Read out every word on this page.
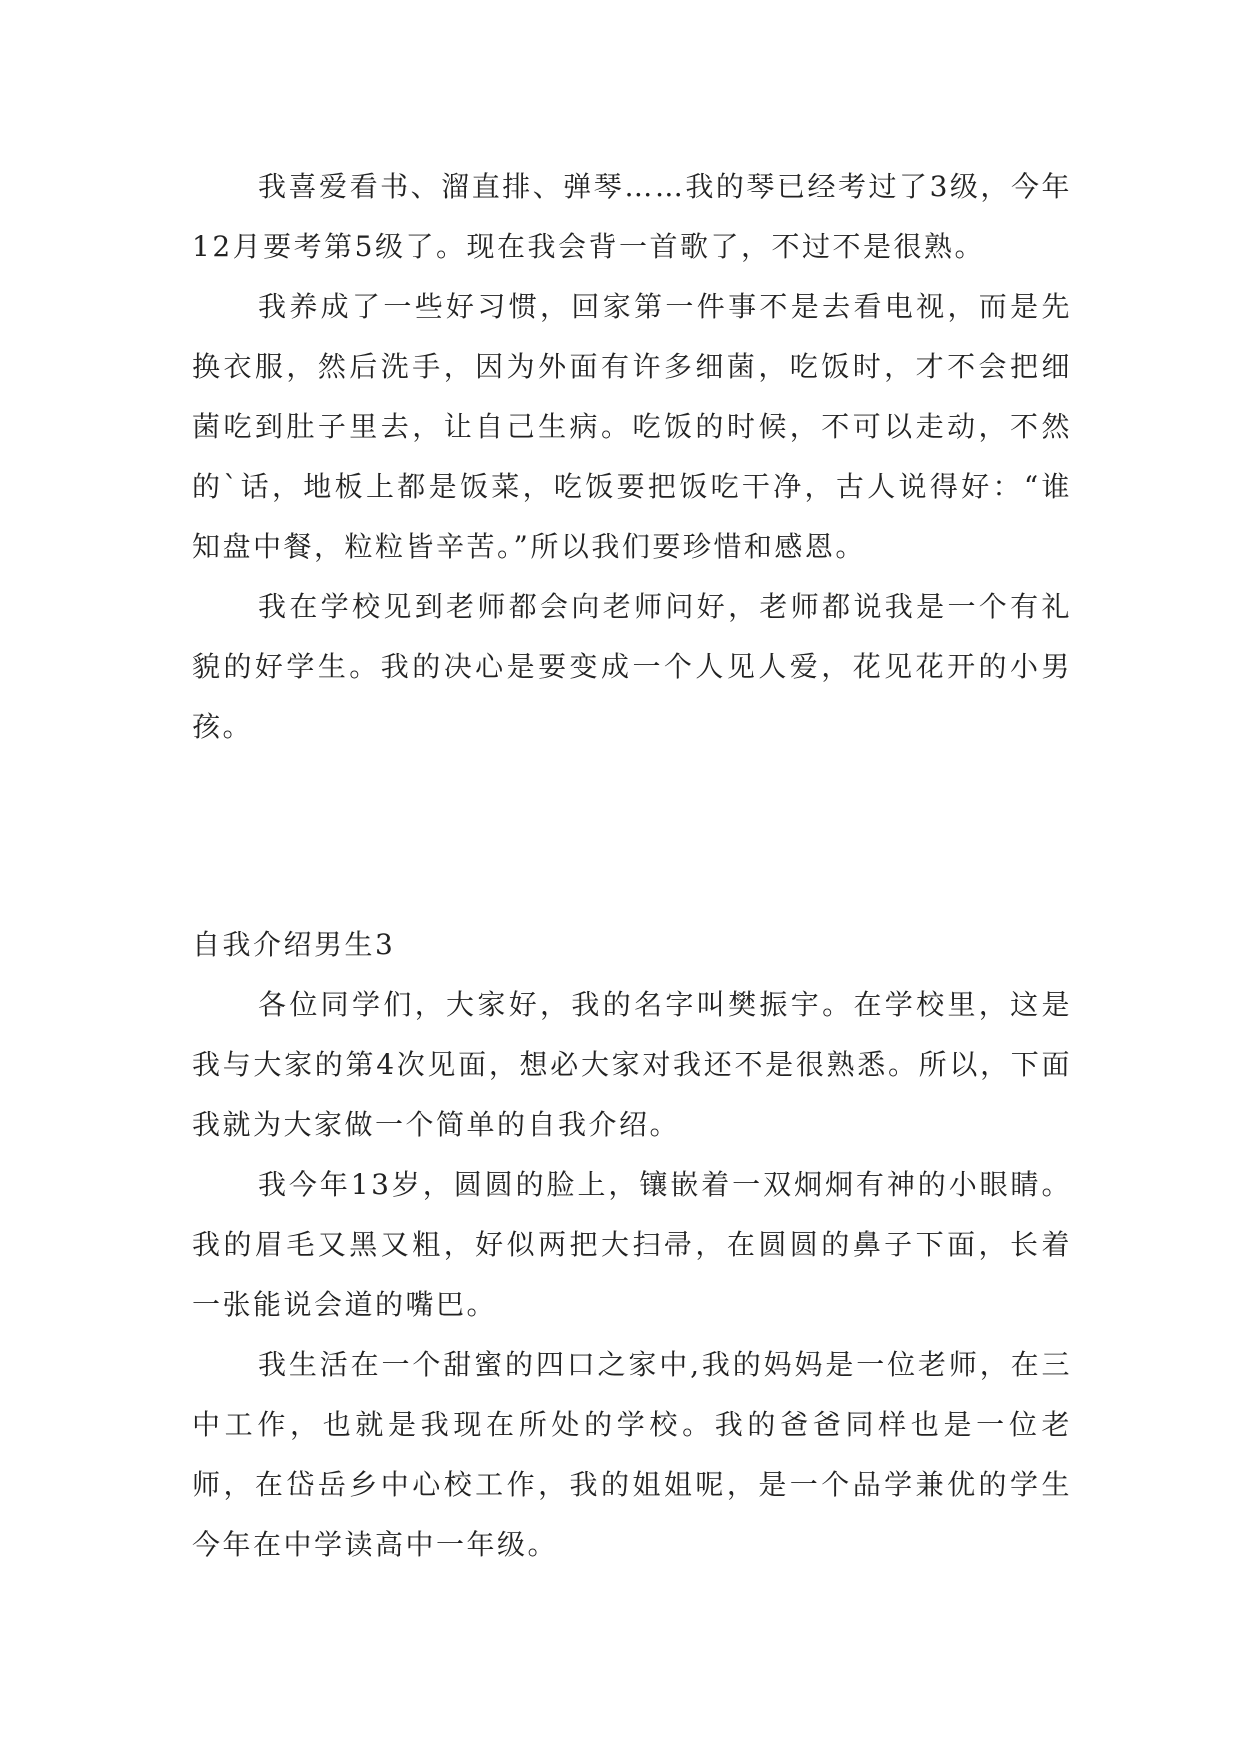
我喜爱看书、溜直排、弹琴……我的琴已经考过了3级，今年12月要考第5级了。现在我会背一首歌了，不过不是很熟。

我养成了一些好习惯，回家第一件事不是去看电视，而是先换衣服，然后洗手，因为外面有许多细菌，吃饭时，才不会把细菌吃到肚子里去，让自己生病。吃饭的时候，不可以走动，不然的`话，地板上都是饭菜，吃饭要把饭吃干净，古人说得好：“谁知盘中餐，粒粒皆辛苦。”所以我们要珍惜和感恩。

我在学校见到老师都会向老师问好，老师都说我是一个有礼貌的好学生。我的决心是要变成一个人见人爱，花见花开的小男孩。

自我介绍男生3

各位同学们，大家好，我的名字叫樊振宇。在学校里，这是我与大家的第4次见面，想必大家对我还不是很熟悉。所以，下面我就为大家做一个简单的自我介绍。

我今年13岁，圆圆的脸上，镶嵌着一双炯炯有神的小眼睛。我的眉毛又黑又粗，好似两把大扫帚，在圆圆的鼻子下面，长着一张能说会道的嘴巴。

我生活在一个甜蜜的四口之家中,我的妈妈是一位老师，在三中工作，也就是我现在所处的学校。我的爸爸同样也是一位老师，在岱岳乡中心校工作，我的姐姐呢，是一个品学兼优的学生今年在中学读高中一年级。
